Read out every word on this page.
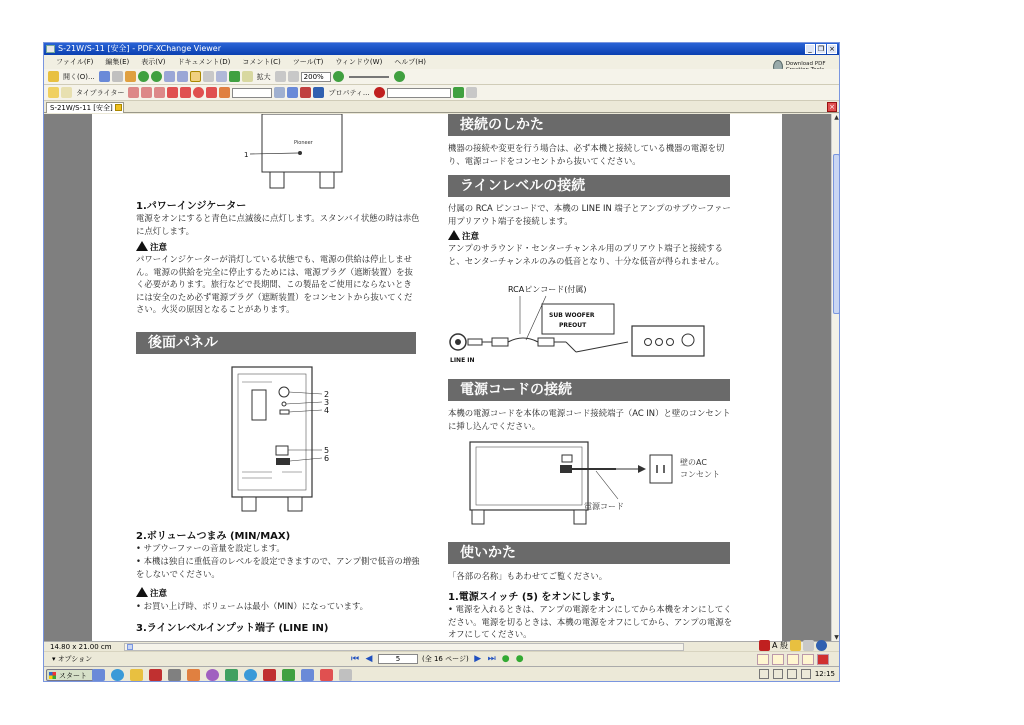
S-21W/S-11 [安全] - PDF-XChange Viewer	_ ❐ ×
ファイル(F) 編集(E) 表示(V) ドキュメント(D) コメント(C) ツール(T) ウィンドウ(W) ヘルプ(H)	Download PDF
開く(O)...	拡大	200%
タイプライター	プロパティ...
S-21W/S-11 [安全]	×
Pioneer
1
1.パワーインジケーター
電源をオンにすると青色に点滅後に点灯します。スタンバイ状態の時は赤色に点灯します。
注意
パワーインジケーターが消灯している状態でも、電源の供給は停止しません。電源の供給を完全に停止するためには、電源プラグ（遮断装置）を抜く必要があります。旅行などで長期間、この製品をご使用にならないときには安全のため必ず電源プラグ（遮断装置）をコンセントから抜いてください。火災の原因となることがあります。
後面パネル
2
3
4
5
6
2.ボリュームつまみ (MIN/MAX)
• サブウーファーの音量を設定します。
• 本機は独自に重低音のレベルを設定できますので、アンプ側で低音の増強をしないでください。
注意
• お買い上げ時、ボリュームは最小（MIN）になっています。
3.ラインレベルインプット端子 (LINE IN)
接続のしかた
機器の接続や変更を行う場合は、必ず本機と接続している機器の電源を切り、電源コードをコンセントから抜いてください。
ラインレベルの接続
付属の RCA ピンコードで、本機の LINE IN 端子とアンプのサブウーファー用プリアウト端子を接続します。
注意
アンプのサラウンド・センターチャンネル用のプリアウト端子と接続すると、センターチャンネルのみの低音となり、十分な低音が得られません。
RCAピンコード(付属)
SUB WOOFER
PREOUT
LINE IN
電源コードの接続
本機の電源コードを本体の電源コード接続端子（AC IN）と壁のコンセントに挿し込んでください。
電源コード
壁のAC
コンセント
使いかた
「各部の名称」もあわせてご覧ください。
1.電源スイッチ (5) をオンにします。
• 電源を入れるときは、アンプの電源をオンにしてから本機をオンにしてください。電源を切るときは、本機の電源をオフにしてから、アンプの電源をオフにしてください。
▲
▼
14.80 x 21.00 cm	A 般
▾ オプション	⏮ ◀	5	(全 16 ページ) ▶ ⏭ ● ●
スタート	12:15
